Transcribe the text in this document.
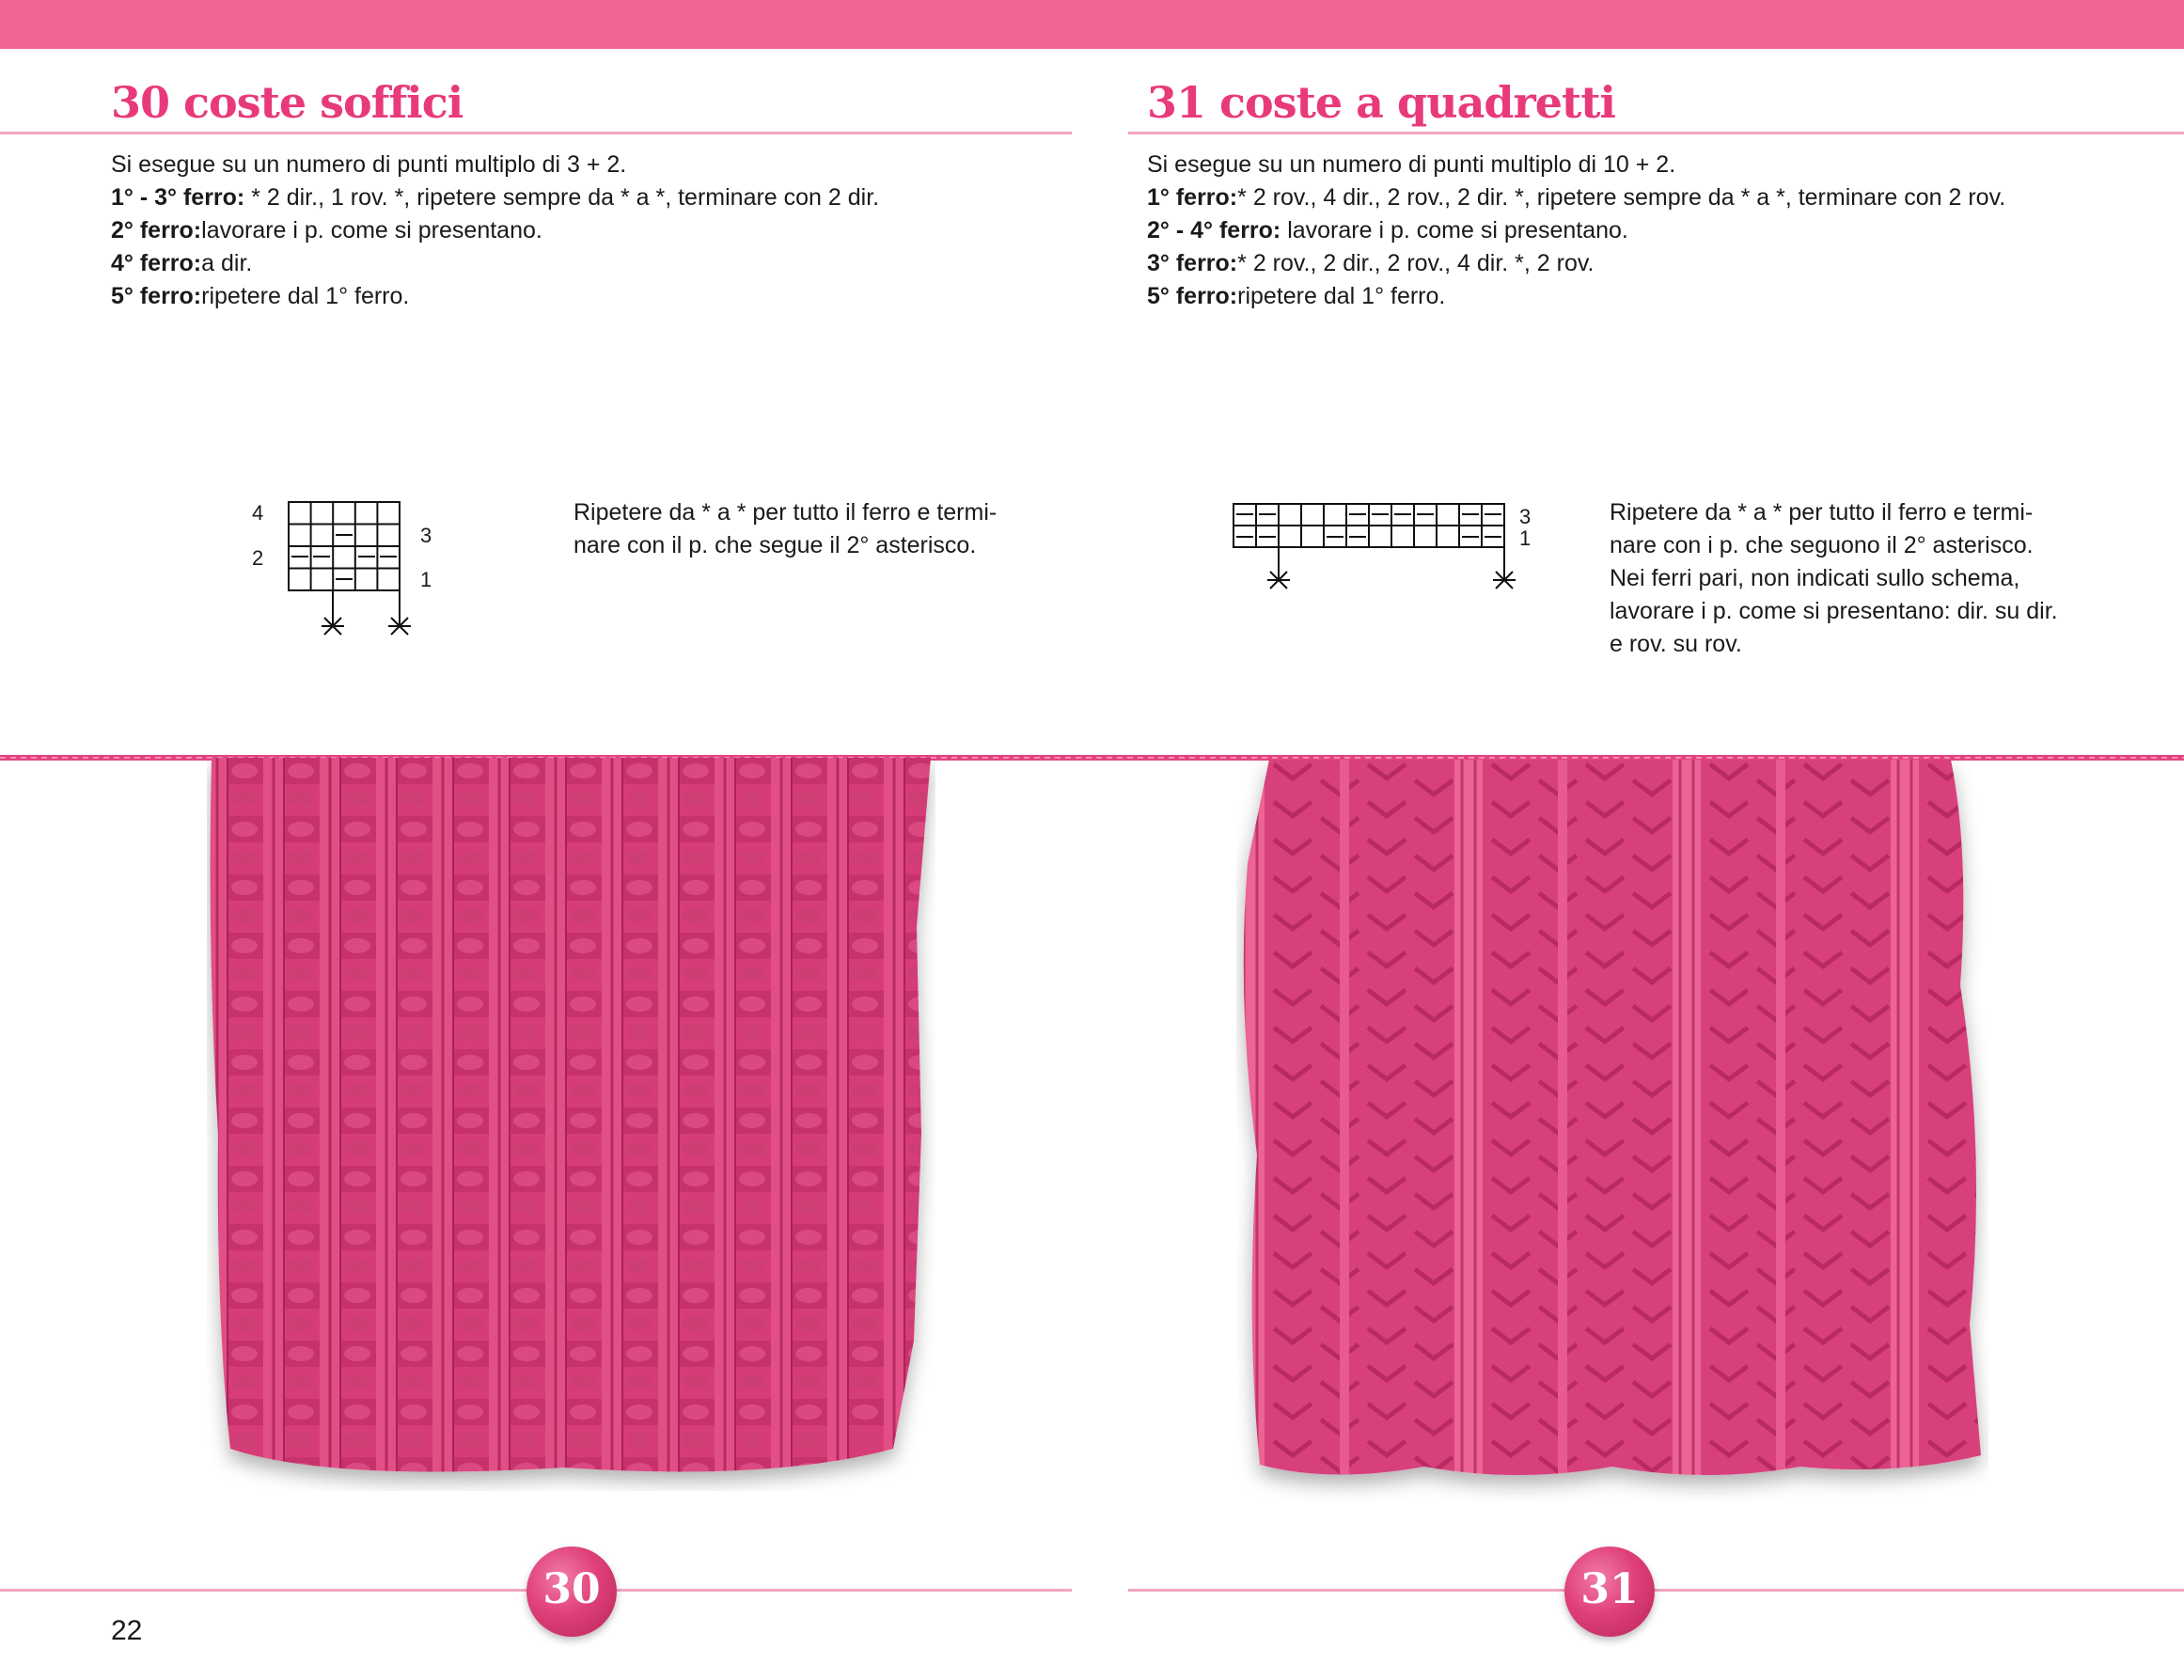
30 coste soffici

Si esegue su un numero di punti multiplo di 3 + 2.

1° - 3° ferro: * 2 dir., 1 rov. *, ripetere sempre da * a *, terminare con 2 dir.

2° ferro:lavorare i p. come si presentano.

4° ferro:a dir.

5° ferro:ripetere dal 1° ferro.

4
2
3
1

Ripetere da * a * per tutto il ferro e termi-

nare con il p. che segue il 2° asterisco.

31 coste a quadretti

Si esegue su un numero di punti multiplo di 10 + 2.

1° ferro:* 2 rov., 4 dir., 2 rov., 2 dir. *, ripetere sempre da * a *, terminare con 2 rov.

2° - 4° ferro: lavorare i p. come si presentano.

3° ferro:* 2 rov., 2 dir., 2 rov., 4 dir. *, 2 rov.

5° ferro:ripetere dal 1° ferro.

3
1

Ripetere da * a * per tutto il ferro e termi-

nare con i p. che seguono il 2° asterisco.

Nei ferri pari, non indicati sullo schema,

lavorare i p. come si presentano: dir. su dir.

e rov. su rov.

30	31
22
